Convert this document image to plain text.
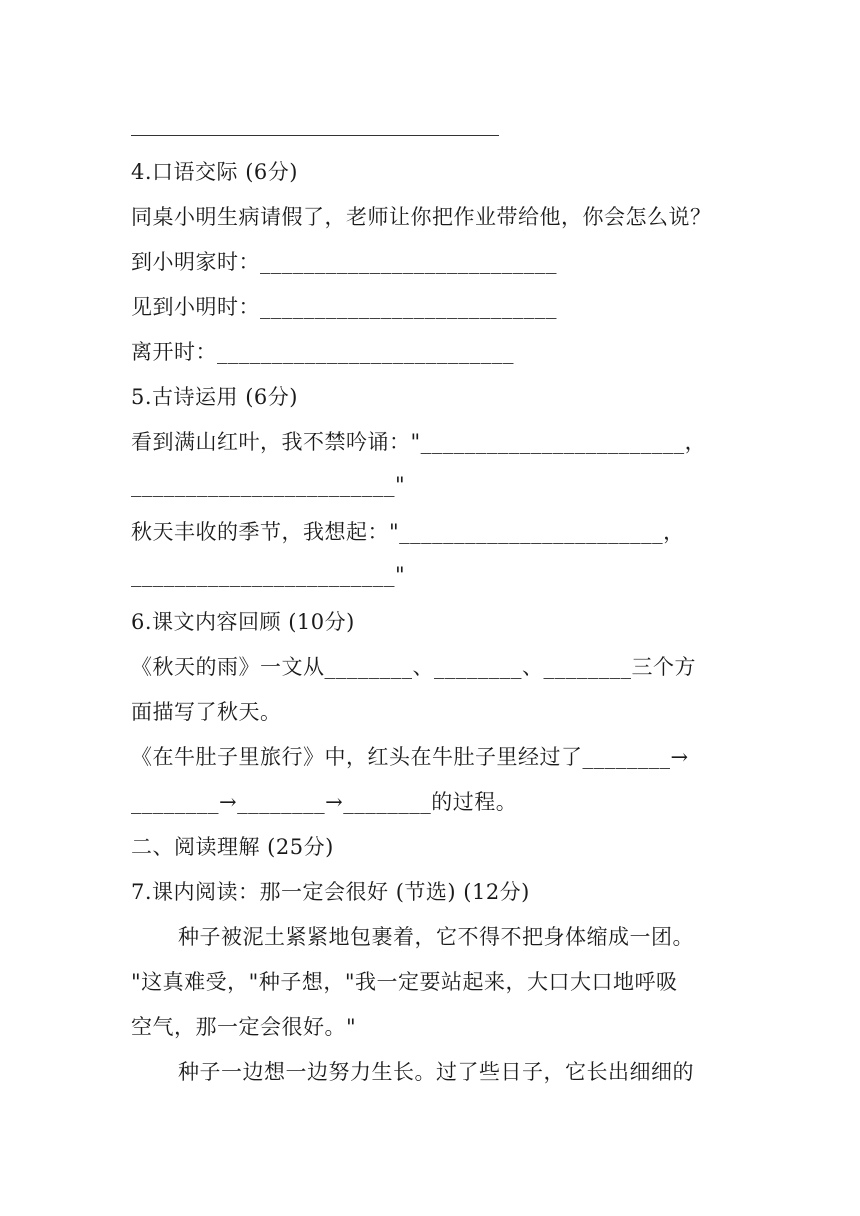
4.口语交际 (6分)
同桌小明生病请假了，老师让你把作业带给他，你会怎么说？
到小明家时：___________________________
见到小明时：___________________________
离开时：___________________________
5.古诗运用 (6分)
看到满山红叶，我不禁吟诵："________________________，
________________________"
秋天丰收的季节，我想起："________________________，
________________________"
6.课文内容回顾 (10分)
《秋天的雨》一文从________、________、________三个方
面描写了秋天。
《在牛肚子里旅行》中，红头在牛肚子里经过了________→
________→________→________的过程。
二、阅读理解 (25分)
7.课内阅读：那一定会很好 (节选) (12分)
种子被泥土紧紧地包裹着，它不得不把身体缩成一团。
"这真难受，"种子想，"我一定要站起来，大口大口地呼吸
空气，那一定会很好。"
种子一边想一边努力生长。过了些日子，它长出细细的
